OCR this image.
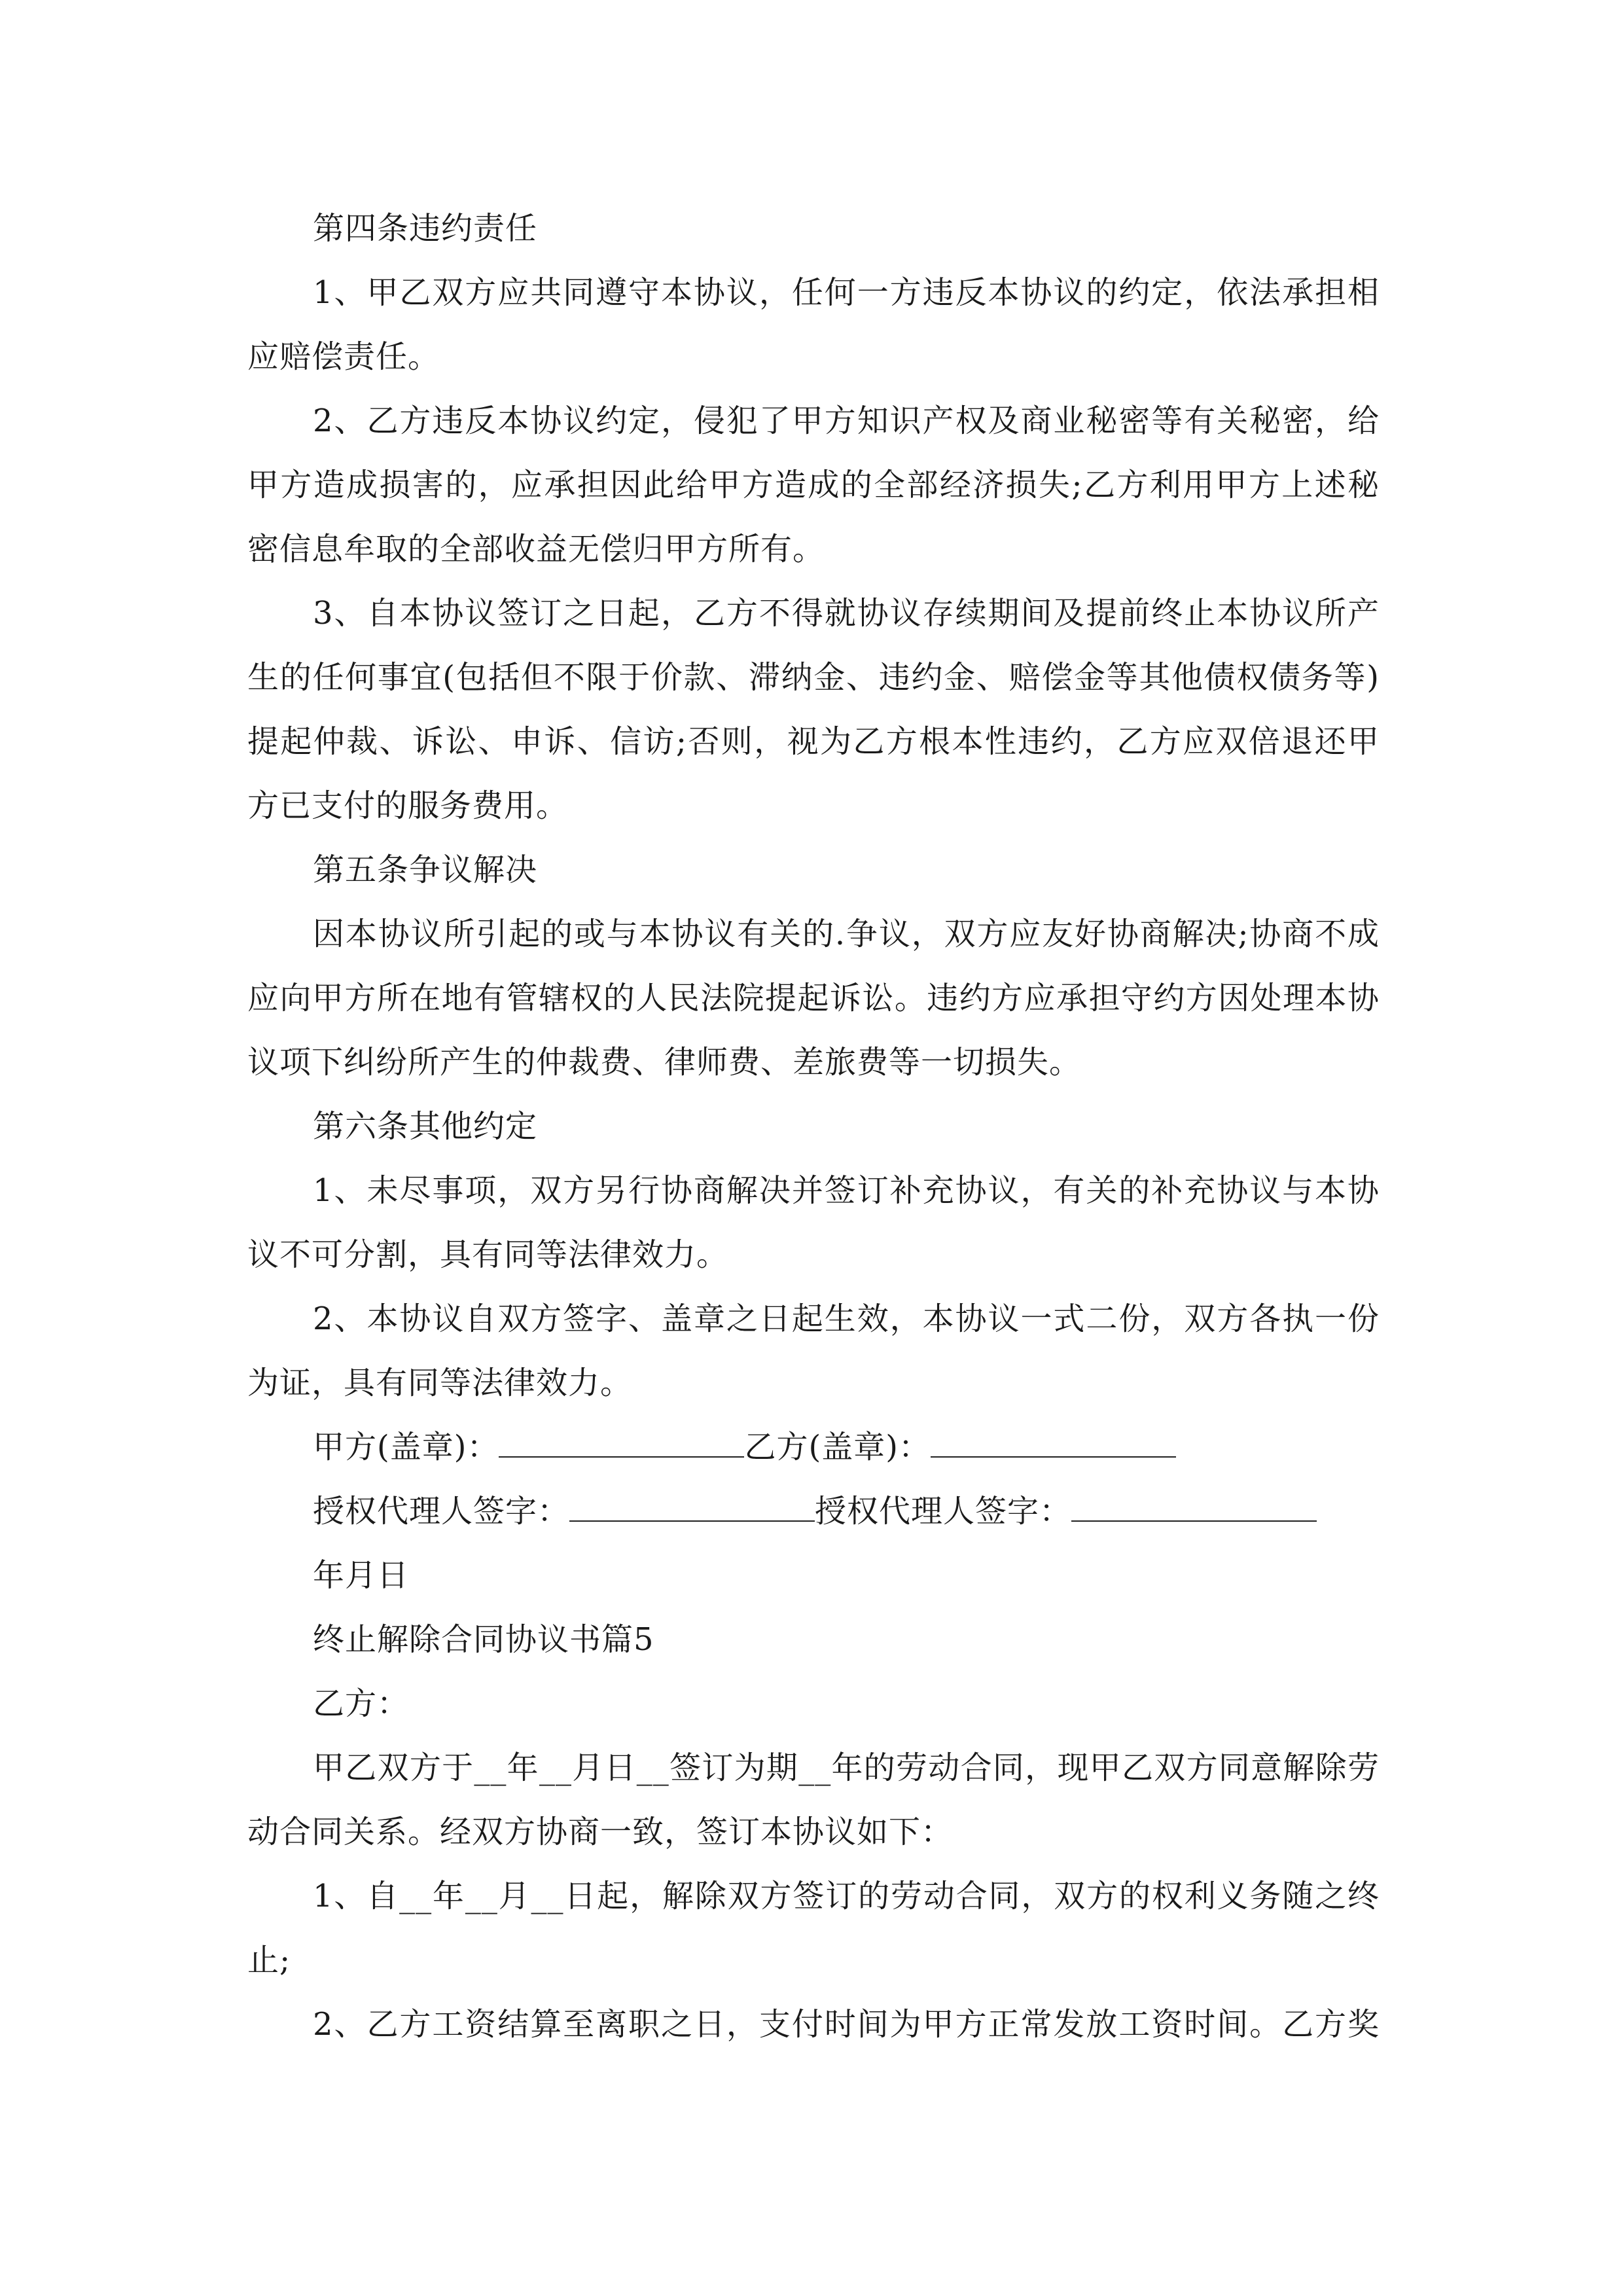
第四条违约责任
1、甲乙双方应共同遵守本协议，任何一方违反本协议的约定，依法承担相
应赔偿责任。
2、乙方违反本协议约定，侵犯了甲方知识产权及商业秘密等有关秘密，给
甲方造成损害的，应承担因此给甲方造成的全部经济损失;乙方利用甲方上述秘
密信息牟取的全部收益无偿归甲方所有。
3、自本协议签订之日起，乙方不得就协议存续期间及提前终止本协议所产
生的任何事宜(包括但不限于价款、滞纳金、违约金、赔偿金等其他债权债务等)
提起仲裁、诉讼、申诉、信访;否则，视为乙方根本性违约，乙方应双倍退还甲
方已支付的服务费用。
第五条争议解决
因本协议所引起的或与本协议有关的.争议，双方应友好协商解决;协商不成
应向甲方所在地有管辖权的人民法院提起诉讼。违约方应承担守约方因处理本协
议项下纠纷所产生的仲裁费、律师费、差旅费等一切损失。
第六条其他约定
1、未尽事项，双方另行协商解决并签订补充协议，有关的补充协议与本协
议不可分割，具有同等法律效力。
2、本协议自双方签字、盖章之日起生效，本协议一式二份，双方各执一份
为证，具有同等法律效力。
甲方(盖章)：	乙方(盖章)：
授权代理人签字：	授权代理人签字：
年月日
终止解除合同协议书篇5
乙方：
甲乙双方于__年__月日__签订为期__年的劳动合同，现甲乙双方同意解除劳
动合同关系。经双方协商一致，签订本协议如下：
1、自__年__月__日起，解除双方签订的劳动合同，双方的权利义务随之终
止;
2、乙方工资结算至离职之日，支付时间为甲方正常发放工资时间。乙方奖
